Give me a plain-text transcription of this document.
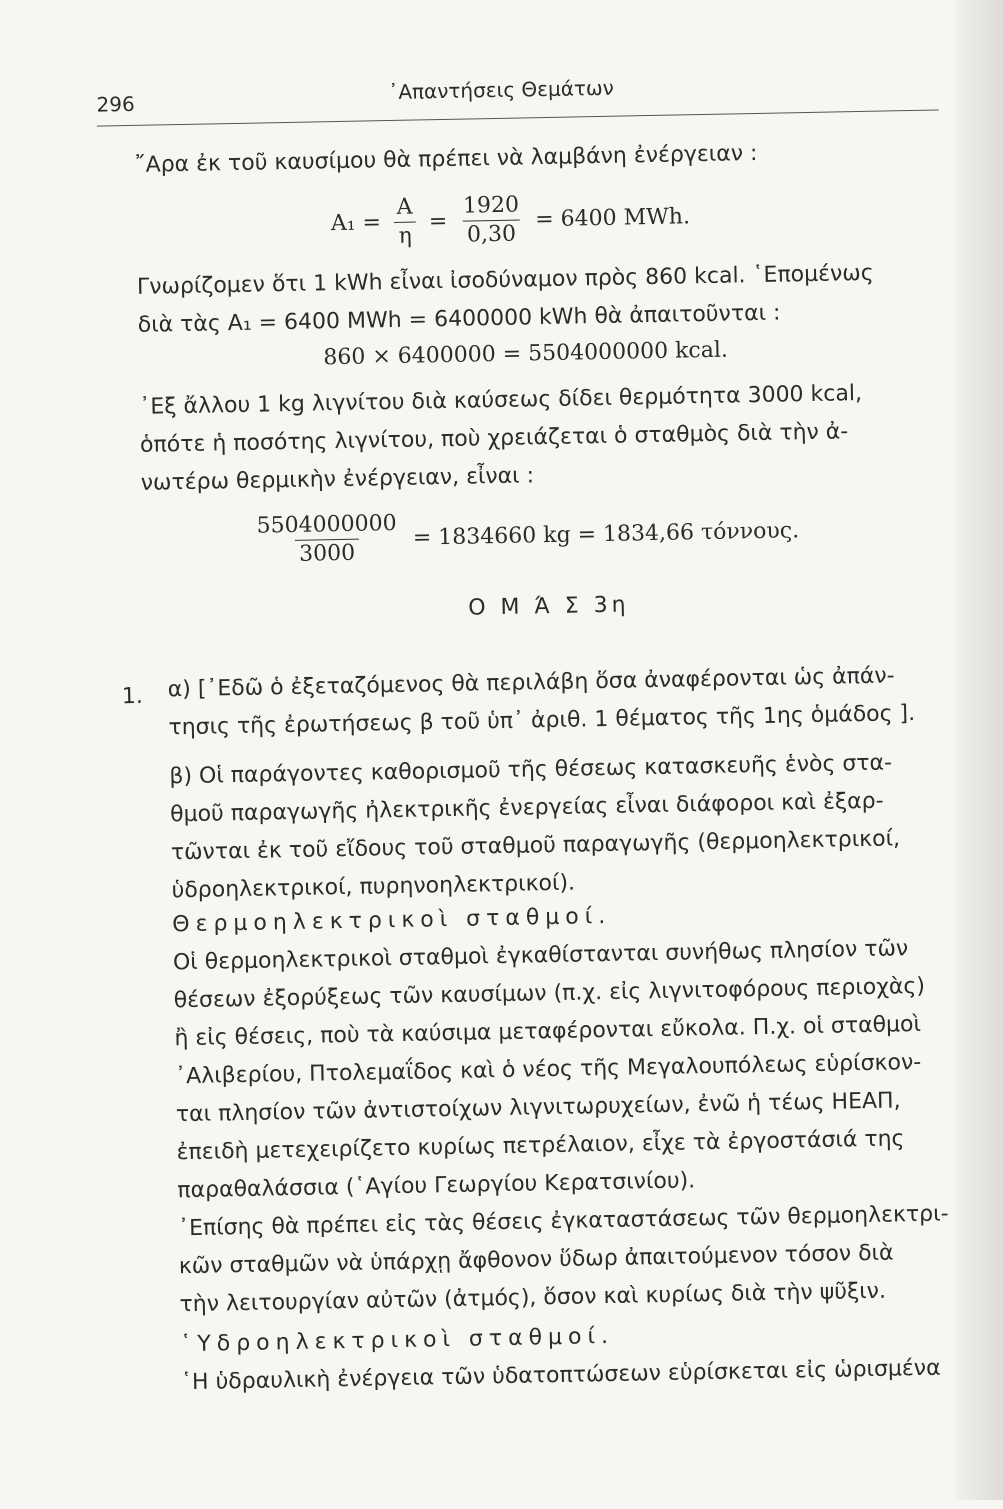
296
᾽Απαντήσεις Θεμάτων
῎Αρα ἐκ τοῦ καυσίμου θὰ πρέπει νὰ λαμβάνη ἐνέργειαν :
$A_1 = \frac{A}{\eta} = \frac{1920}{0,30} = 6400$ MWh.
Γνωρίζομεν ὅτι 1 kWh εἶναι ἰσοδύναμον πρὸς 860 kcal. ῾Επομένως
διὰ τὰς A₁ = 6400 MWh = 6400000 kWh θὰ ἀπαιτοῦνται :
860 × 6400000 = 5504000000 kcal.
᾽Εξ ἄλλου 1 kg λιγνίτου διὰ καύσεως δίδει θερμότητα 3000 kcal,
ὁπότε ἡ ποσότης λιγνίτου, ποὺ χρειάζεται ὁ σταθμὸς διὰ τὴν ἀ-
νωτέρω θερμικὴν ἐνέργειαν, εἶναι :
$\frac{5504000000}{3000} = 1834660$ kg = 1834,66 τόννους.
Ο Μ Ά Σ 3η
1. α) [᾽Εδῶ ὁ ἐξεταζόμενος θὰ περιλάβη ὅσα ἀναφέρονται ὡς ἀπάν-
τησις τῆς ἐρωτήσεως β τοῦ ὑπ᾽ ἀριθ. 1 θέματος τῆς 1ης ὁμάδος ].
β) Οἱ παράγοντες καθορισμοῦ τῆς θέσεως κατασκευῆς ἑνὸς στα-
θμοῦ παραγωγῆς ἠλεκτρικῆς ἐνεργείας εἶναι διάφοροι καὶ ἐξαρ-
τῶνται ἐκ τοῦ εἴδους τοῦ σταθμοῦ παραγωγῆς (θερμοηλεκτρικοί,
ὑδροηλεκτρικοί, πυρηνοηλεκτρικοί).
Θερμοηλεκτρικοὶ σταθμοί.
Οἱ θερμοηλεκτρικοὶ σταθμοὶ ἐγκαθίστανται συνήθως πλησίον τῶν
θέσεων ἐξορύξεως τῶν καυσίμων (π.χ. εἰς λιγνιτοφόρους περιοχὰς)
ἢ εἰς θέσεις, ποὺ τὰ καύσιμα μεταφέρονται εὔκολα. Π.χ. οἱ σταθμοὶ
᾽Αλιβερίου, Πτολεμαΐδος καὶ ὁ νέος τῆς Μεγαλουπόλεως εὑρίσκον-
ται πλησίον τῶν ἀντιστοίχων λιγνιτωρυχείων, ἐνῶ ἡ τέως ΗΕΑΠ,
ἐπειδὴ μετεχειρίζετο κυρίως πετρέλαιον, εἶχε τὰ ἐργοστάσιά της
παραθαλάσσια (῾Αγίου Γεωργίου Κερατσινίου).
᾽Επίσης θὰ πρέπει εἰς τὰς θέσεις ἐγκαταστάσεως τῶν θερμοηλεκτρι-
κῶν σταθμῶν νὰ ὑπάρχῃ ἄφθονον ὕδωρ ἀπαιτούμενον τόσον διὰ
τὴν λειτουργίαν αὐτῶν (ἀτμός), ὅσον καὶ κυρίως διὰ τὴν ψῦξιν.
῾Υδροηλεκτρικοὶ σταθμοί.
῾Η ὑδραυλικὴ ἐνέργεια τῶν ὑδατοπτώσεων εὑρίσκεται εἰς ὡρισμένα
